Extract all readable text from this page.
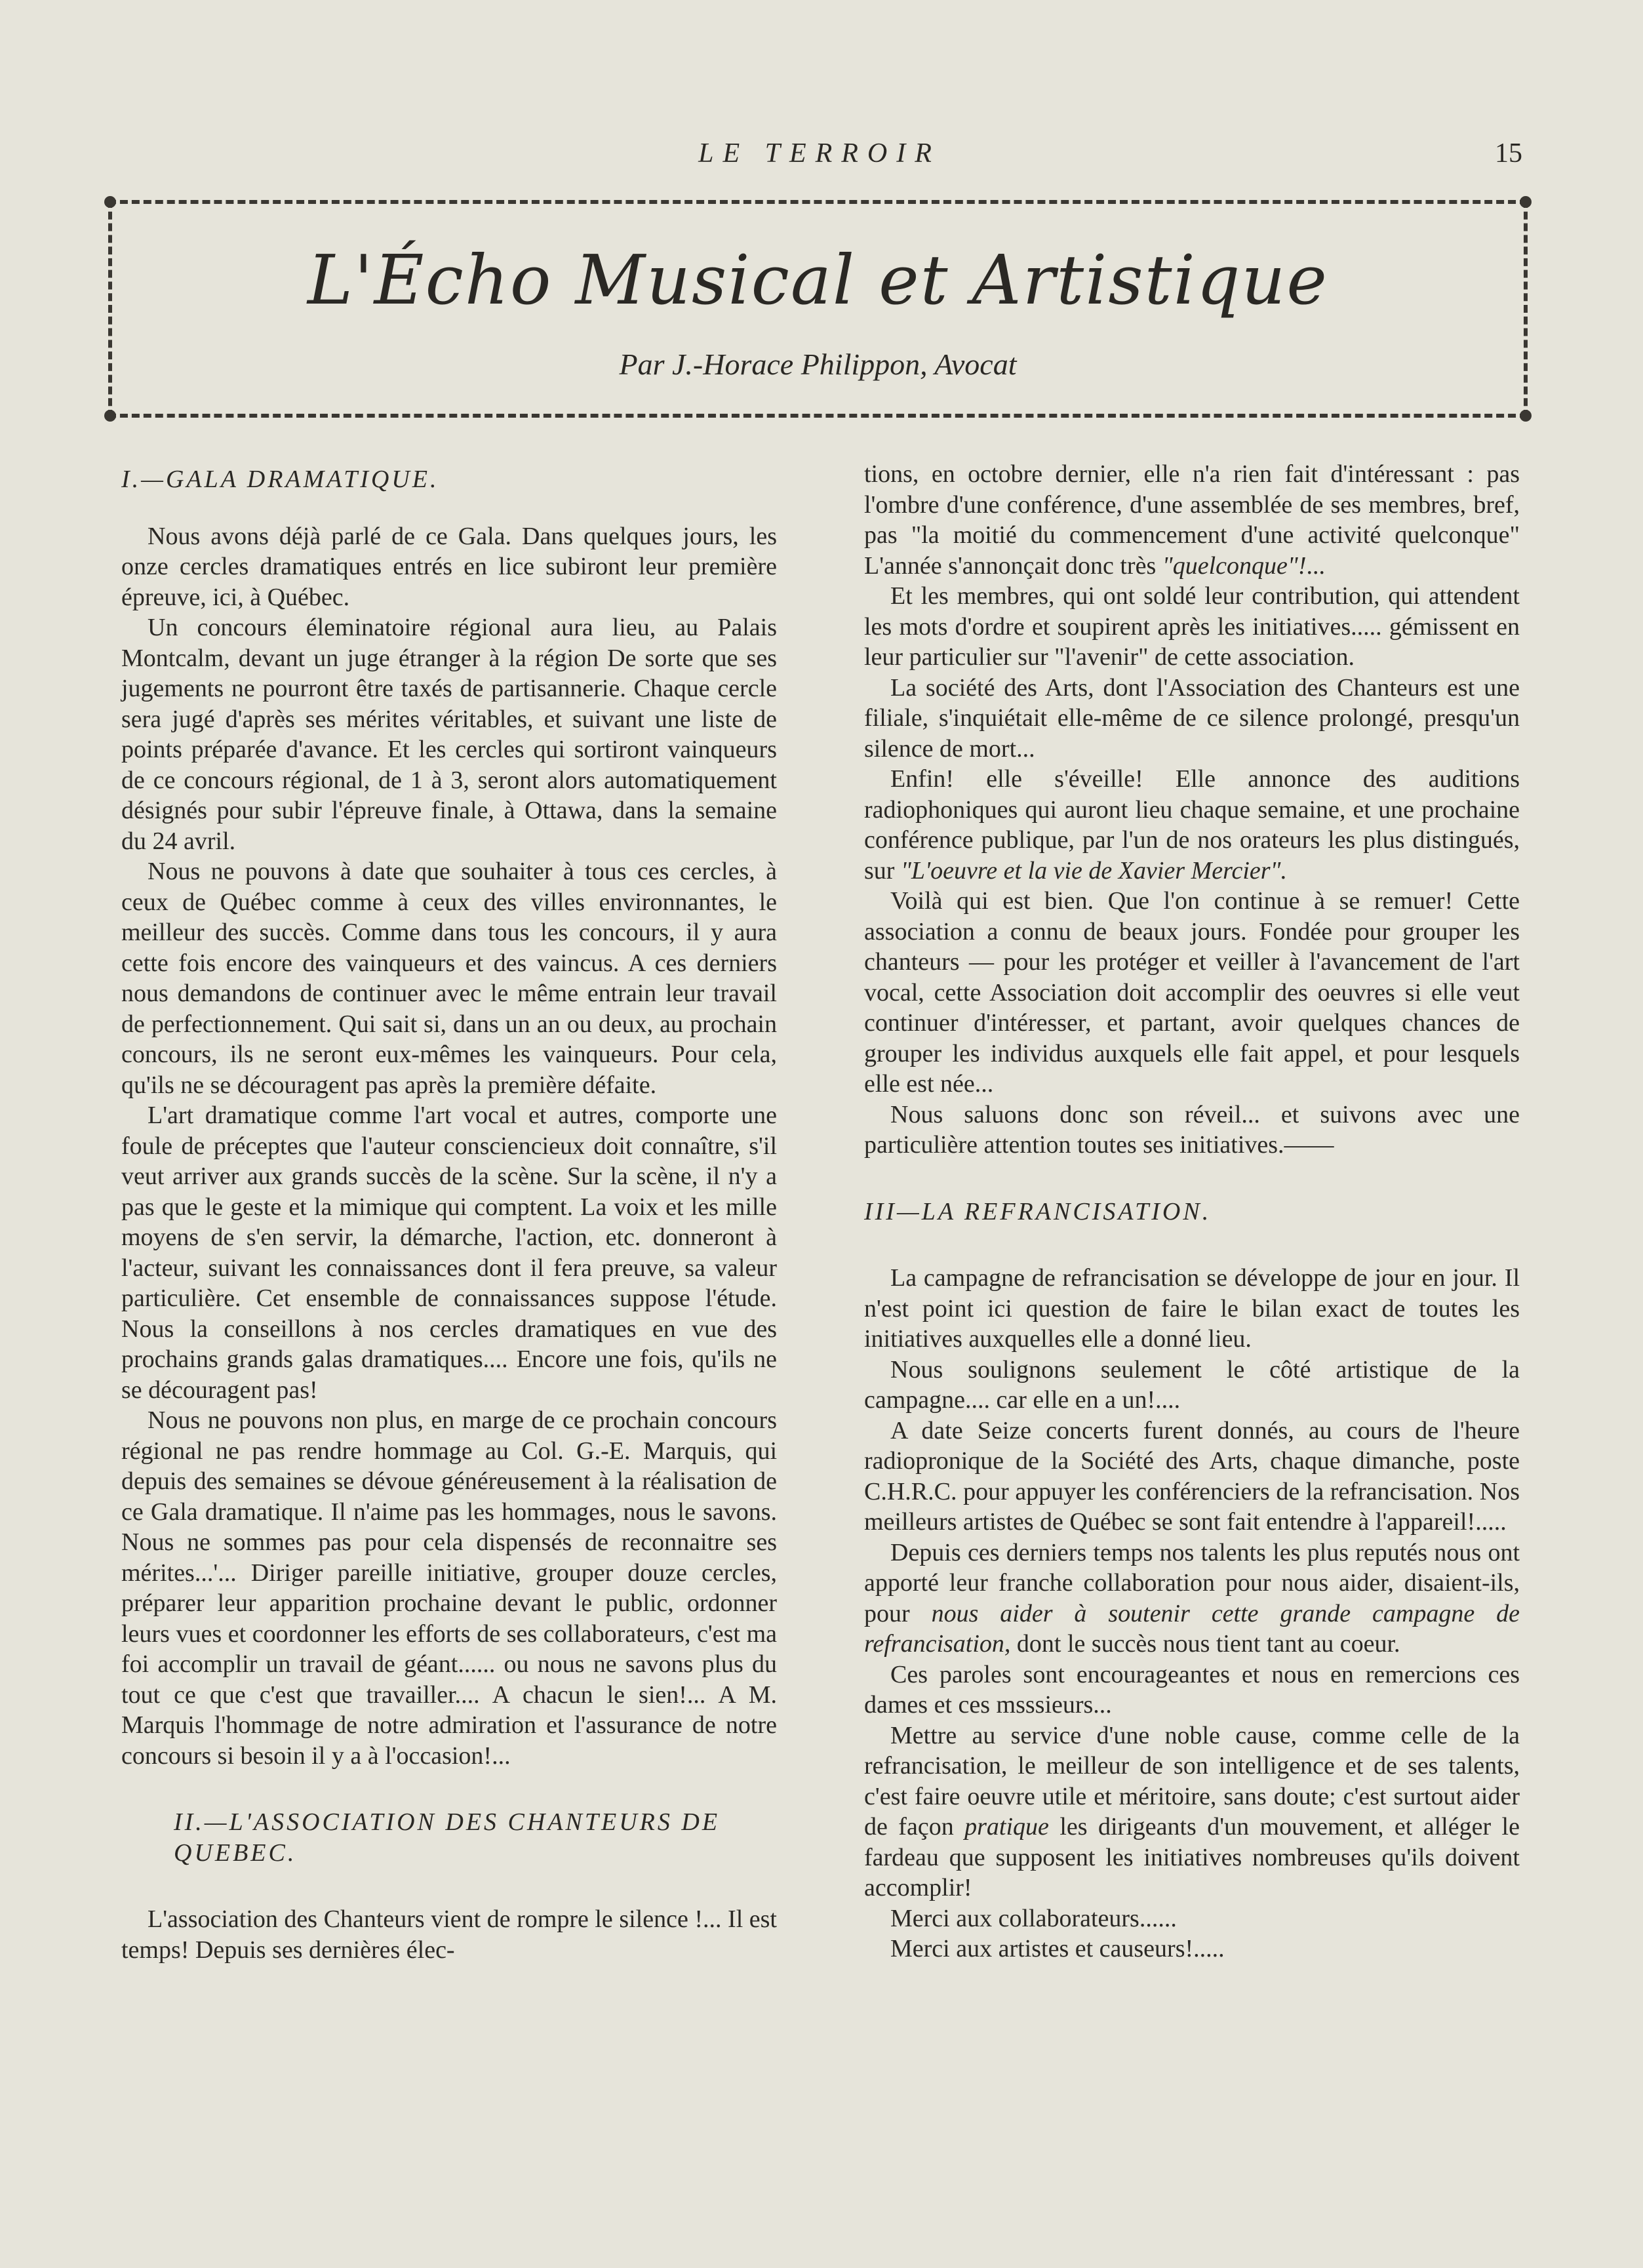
LE TERROIR	15
L'Écho Musical et Artistique
Par J.-Horace Philippon, Avocat

I.—GALA DRAMATIQUE.

Nous avons déjà parlé de ce Gala. Dans quelques jours, les onze cercles dramatiques entrés en lice subiront leur première épreuve, ici, à Québec.

Un concours éleminatoire régional aura lieu, au Palais Montcalm, devant un juge étranger à la région De sorte que ses jugements ne pourront être taxés de partisannerie. Chaque cercle sera jugé d'après ses mérites véritables, et suivant une liste de points préparée d'avance. Et les cercles qui sortiront vainqueurs de ce concours régional, de 1 à 3, seront alors automatiquement désignés pour subir l'épreuve finale, à Ottawa, dans la semaine du 24 avril.

Nous ne pouvons à date que souhaiter à tous ces cercles, à ceux de Québec comme à ceux des villes environnantes, le meilleur des succès. Comme dans tous les concours, il y aura cette fois encore des vainqueurs et des vaincus. A ces derniers nous demandons de continuer avec le même entrain leur travail de perfectionnement. Qui sait si, dans un an ou deux, au prochain concours, ils ne seront eux-mêmes les vainqueurs. Pour cela, qu'ils ne se découragent pas après la première défaite.

L'art dramatique comme l'art vocal et autres, comporte une foule de préceptes que l'auteur consciencieux doit connaître, s'il veut arriver aux grands succès de la scène. Sur la scène, il n'y a pas que le geste et la mimique qui comptent. La voix et les mille moyens de s'en servir, la démarche, l'action, etc. donneront à l'acteur, suivant les connaissances dont il fera preuve, sa valeur particulière. Cet ensemble de connaissances suppose l'étude. Nous la conseillons à nos cercles dramatiques en vue des prochains grands galas dramatiques.... Encore une fois, qu'ils ne se découragent pas!

Nous ne pouvons non plus, en marge de ce prochain concours régional ne pas rendre hommage au Col. G.-E. Marquis, qui depuis des semaines se dévoue généreusement à la réalisation de ce Gala dramatique. Il n'aime pas les hommages, nous le savons. Nous ne sommes pas pour cela dispensés de reconnaitre ses mérites...'... Diriger pareille initiative, grouper douze cercles, préparer leur apparition prochaine devant le public, ordonner leurs vues et coordonner les efforts de ses collaborateurs, c'est ma foi accomplir un travail de géant...... ou nous ne savons plus du tout ce que c'est que travailler.... A chacun le sien!... A M. Marquis l'hommage de notre admiration et l'assurance de notre concours si besoin il y a à l'occasion!...

II.—L'ASSOCIATION DES CHANTEURS DE QUEBEC.

L'association des Chanteurs vient de rompre le silence !... Il est temps! Depuis ses dernières élec-

tions, en octobre dernier, elle n'a rien fait d'intéressant : pas l'ombre d'une conférence, d'une assemblée de ses membres, bref, pas "la moitié du commencement d'une activité quelconque" L'année s'annonçait donc très "quelconque"!...

Et les membres, qui ont soldé leur contribution, qui attendent les mots d'ordre et soupirent après les initiatives..... gémissent en leur particulier sur "l'avenir" de cette association.

La société des Arts, dont l'Association des Chanteurs est une filiale, s'inquiétait elle-même de ce silence prolongé, presqu'un silence de mort...

Enfin! elle s'éveille! Elle annonce des auditions radiophoniques qui auront lieu chaque semaine, et une prochaine conférence publique, par l'un de nos orateurs les plus distingués, sur "L'oeuvre et la vie de Xavier Mercier".

Voilà qui est bien. Que l'on continue à se remuer! Cette association a connu de beaux jours. Fondée pour grouper les chanteurs — pour les protéger et veiller à l'avancement de l'art vocal, cette Association doit accomplir des oeuvres si elle veut continuer d'intéresser, et partant, avoir quelques chances de grouper les individus auxquels elle fait appel, et pour lesquels elle est née...

Nous saluons donc son réveil... et suivons avec une particulière attention toutes ses initiatives.——

III—LA REFRANCISATION.

La campagne de refrancisation se développe de jour en jour. Il n'est point ici question de faire le bilan exact de toutes les initiatives auxquelles elle a donné lieu.

Nous soulignons seulement le côté artistique de la campagne.... car elle en a un!....

A date Seize concerts furent donnés, au cours de l'heure radiopronique de la Société des Arts, chaque dimanche, poste C.H.R.C. pour appuyer les conférenciers de la refrancisation. Nos meilleurs artistes de Québec se sont fait entendre à l'appareil!.....

Depuis ces derniers temps nos talents les plus reputés nous ont apporté leur franche collaboration pour nous aider, disaient-ils, pour nous aider à soutenir cette grande campagne de refrancisation, dont le succès nous tient tant au coeur.

Ces paroles sont encourageantes et nous en remercions ces dames et ces msssieurs...

Mettre au service d'une noble cause, comme celle de la refrancisation, le meilleur de son intelligence et de ses talents, c'est faire oeuvre utile et méritoire, sans doute; c'est surtout aider de façon pratique les dirigeants d'un mouvement, et alléger le fardeau que supposent les initiatives nombreuses qu'ils doivent accomplir!

Merci aux collaborateurs......

Merci aux artistes et causeurs!.....
